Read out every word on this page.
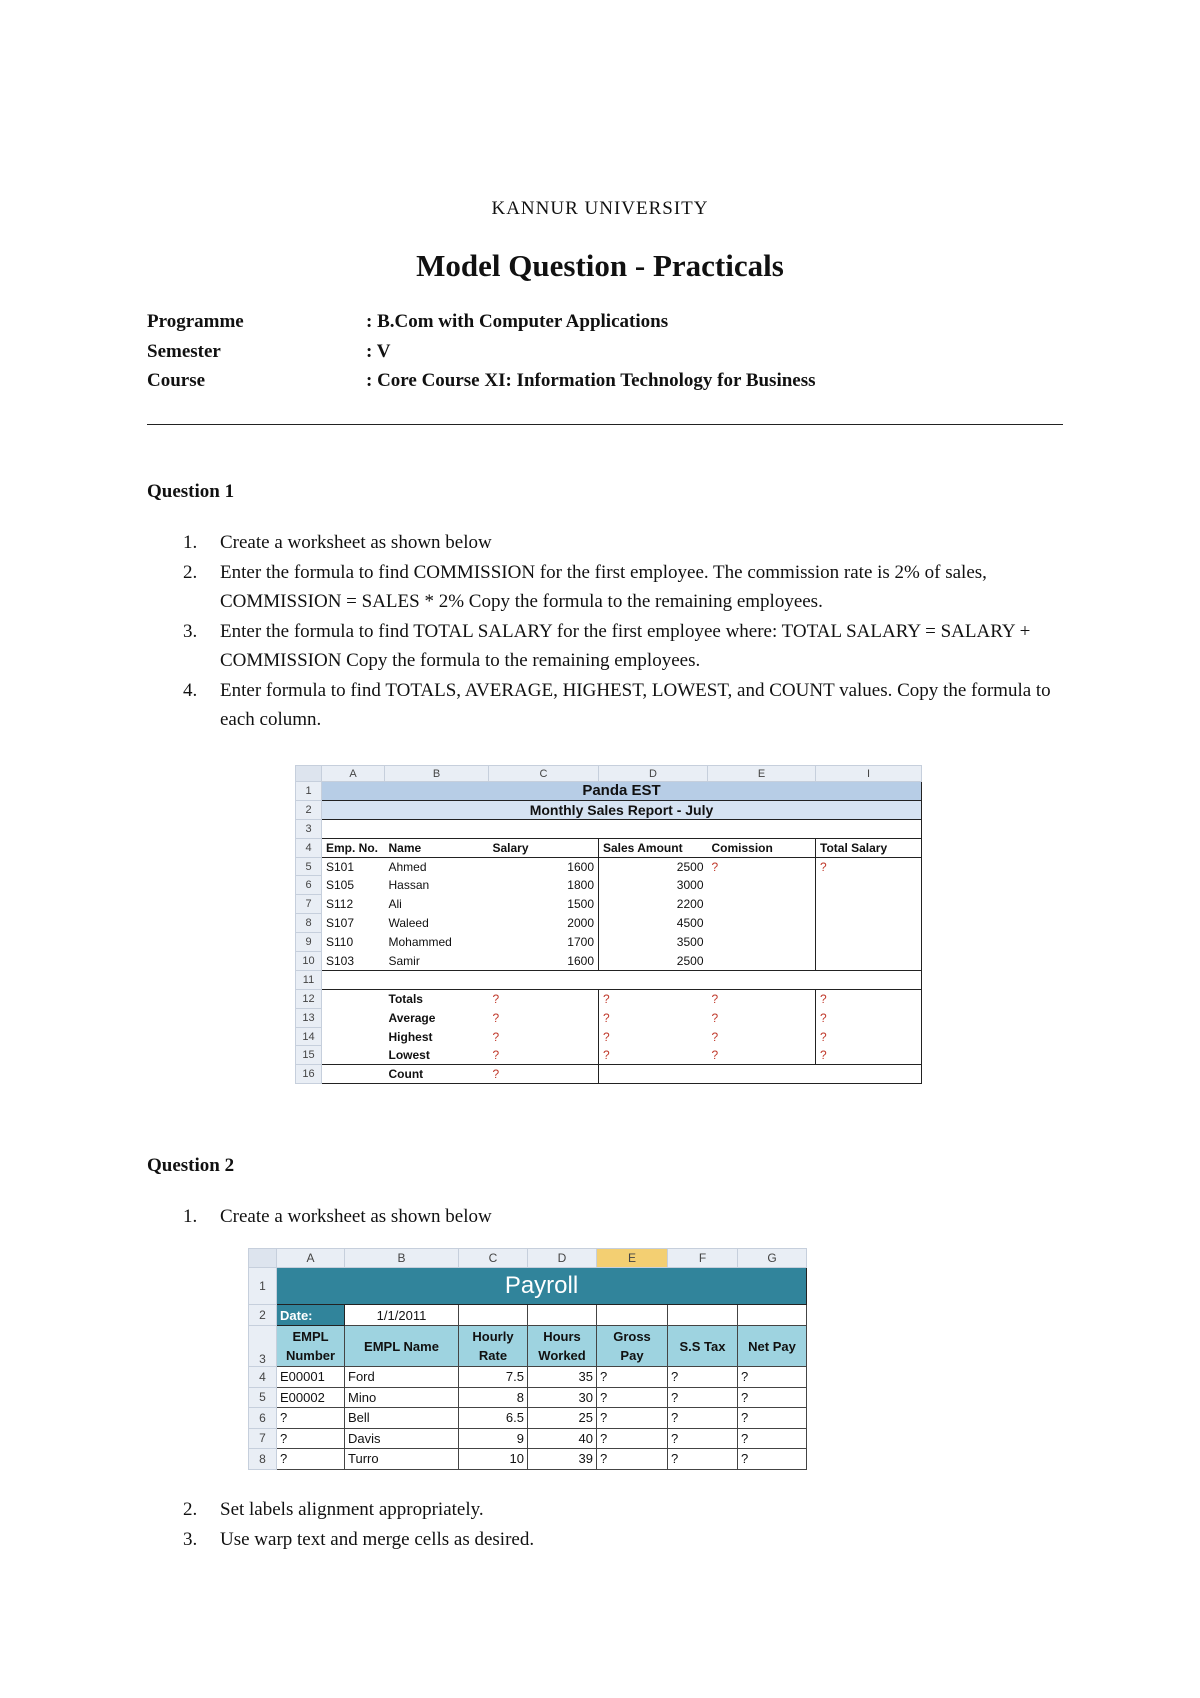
KANNUR UNIVERSITY
Model Question - Practicals
Programme	: B.Com with Computer Applications
Semester	: V
Course	: Core Course XI: Information Technology for Business
Question 1
1. Create a worksheet as shown below
2. Enter the formula to find COMMISSION for the first employee. The commission rate is 2% of sales, COMMISSION = SALES * 2% Copy the formula to the remaining employees.
3. Enter the formula to find TOTAL SALARY for the first employee where: TOTAL SALARY = SALARY + COMMISSION Copy the formula to the remaining employees.
4. Enter formula to find TOTALS, AVERAGE, HIGHEST, LOWEST, and COUNT values. Copy the formula to each column.
	A	B	C	D	E	I
1	Panda EST					
2	Monthly Sales Report - July					
3						
4	Emp. No.	Name	Salary	Sales Amount	Comission	Total Salary
5	S101	Ahmed	1600	2500	?	?
6	S105	Hassan	1800	3000		
7	S112	Ali	1500	2200		
8	S107	Waleed	2000	4500		
9	S110	Mohammed	1700	3500		
10	S103	Samir	1600	2500		
11						
12		Totals	?	?	?	?
13		Average	?	?	?	?
14		Highest	?	?	?	?
15		Lowest	?	?	?	?
16		Count	?			
Question 2
1. Create a worksheet as shown below
	A	B	C	D	E	F	G
1	Payroll						
2	Date:	1/1/2011					
3	EMPL Number	EMPL Name	Hourly Rate	Hours Worked	Gross Pay	S.S Tax	Net Pay
4	E00001	Ford	7.5	35	?	?	?
5	E00002	Mino	8	30	?	?	?
6	?	Bell	6.5	25	?	?	?
7	?	Davis	9	40	?	?	?
8	?	Turro	10	39	?	?	?
2. Set labels alignment appropriately.
3. Use warp text and merge cells as desired.
